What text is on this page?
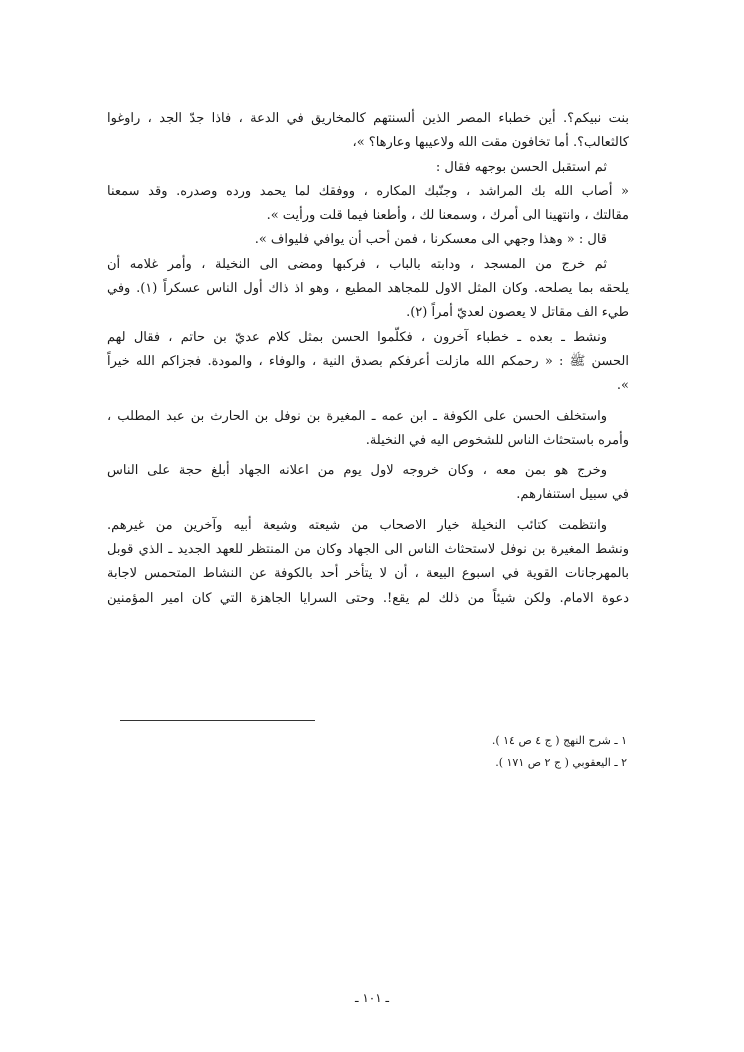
بنت نبيكم؟. أين خطباء المصر الذين ألسنتهم كالمخاريق في الدعة ، فاذا جدّ الجد ، راوغوا
كالثعالب؟. أما تخافون مقت الله ولاعيبها وعارها؟ »،
ثم استقبل الحسن بوجهه فقال :
« أصاب الله بك المراشد ، وجنّبك المكاره ، ووفقك لما يحمد ورده وصدره. وقد سمعنا
مقالتك ، وانتهينا الى أمرك ، وسمعنا لك ، وأطعنا فيما قلت ورأيت ».
قال : « وهذا وجهي الى معسكرنا ، فمن أحب أن يوافي فليواف ».
ثم خرج من المسجد ، ودابته بالباب ، فركبها ومضى الى النخيلة ، وأمر غلامه أن
يلحقه بما يصلحه. وكان المثل الاول للمجاهد المطيع ، وهو اذ ذاك أول الناس عسكراً (١). وفي
طيء الف مقاتل لا يعصون لعديّ أمراً (٢).
ونشط ـ بعده ـ خطباء آخرون ، فكلّموا الحسن بمثل كلام عديّ بن حاتم ، فقال لهم
الحسن ﷺ : « رحمكم الله مازلت أعرفكم بصدق النية ، والوفاء ، والمودة. فجزاكم الله خيراً
».
واستخلف الحسن على الكوفة ـ ابن عمه ـ المغيرة بن نوفل بن الحارث بن عبد المطلب ،
وأمره باستحثاث الناس للشخوص اليه في النخيلة.
وخرج هو بمن معه ، وكان خروجه لاول يوم من اعلانه الجهاد أبلغ حجة على الناس
في سبيل استنفارهم.
وانتظمت كتائب النخيلة خيار الاصحاب من شيعته وشيعة أبيه وآخرين من غيرهم.
ونشط المغيرة بن نوفل لاستحثاث الناس الى الجهاد وكان من المنتظر للعهد الجديد ـ الذي قوبل
بالمهرجانات القوية في اسبوع البيعة ، أن لا يتأخر أحد بالكوفة عن النشاط المتحمس لاجابة
دعوة الامام. ولكن شيئاً من ذلك لم يقع!. وحتى السرايا الجاهزة التي كان امير المؤمنين
١ ـ شرح النهج ( ج ٤ ص ١٤ ).
٢ ـ اليعقوبي ( ج ٢ ص ١٧١ ).
ـ ١٠١ ـ
